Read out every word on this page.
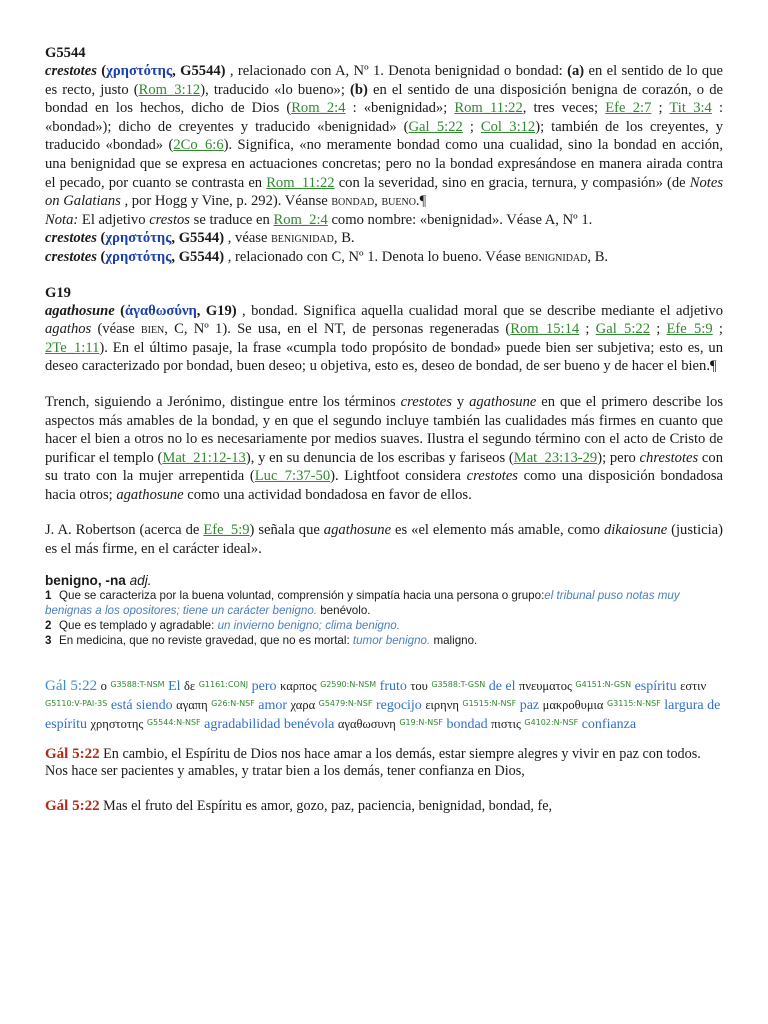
G5544

crestotes (χρηστότης, G5544) , relacionado con A, Nº 1. Denota benignidad o bondad: (a) en el sentido de lo que es recto, justo (Rom_3:12), traducido «lo bueno»; (b) en el sentido de una disposición benigna de corazón, o de bondad en los hechos, dicho de Dios (Rom_2:4 : «benignidad»; Rom_11:22, tres veces; Efe_2:7 ; Tit_3:4 : «bondad»); dicho de creyentes y traducido «benignidad» (Gal_5:22 ; Col_3:12); también de los creyentes, y traducido «bondad» (2Co_6:6). Significa, «no meramente bondad como una cualidad, sino la bondad en acción, una benignidad que se expresa en actuaciones concretas; pero no la bondad expresándose en manera airada contra el pecado, por cuanto se contrasta en Rom_11:22 con la severidad, sino en gracia, ternura, y compasión» (de Notes on Galatians , por Hogg y Vine, p. 292). Véanse bondad, bueno.¶

Nota: El adjetivo crestos se traduce en Rom_2:4 como nombre: «benignidad». Véase A, Nº 1.

crestotes (χρηστότης, G5544) , véase benignidad, B.

crestotes (χρηστότης, G5544) , relacionado con C, Nº 1. Denota lo bueno. Véase benignidad, B.

G19

agathosune (ἀγαθωσύνη, G19) , bondad. Significa aquella cualidad moral que se describe mediante el adjetivo agathos (véase bien, C, Nº 1). Se usa, en el NT, de personas regeneradas (Rom_15:14 ; Gal_5:22 ; Efe_5:9 ; 2Te_1:11). En el último pasaje, la frase «cumpla todo propósito de bondad» puede bien ser subjetiva; esto es, un deseo caracterizado por bondad, buen deseo; u objetiva, esto es, deseo de bondad, de ser bueno y de hacer el bien.¶

Trench, siguiendo a Jerónimo, distingue entre los términos crestotes y agathosune en que el primero describe los aspectos más amables de la bondad, y en que el segundo incluye también las cualidades más firmes en cuanto que hacer el bien a otros no lo es necesariamente por medios suaves. Ilustra el segundo término con el acto de Cristo de purificar el templo (Mat_21:12-13), y en su denuncia de los escribas y fariseos (Mat_23:13-29); pero chrestotes con su trato con la mujer arrepentida (Luc_7:37-50). Lightfoot considera crestotes como una disposición bondadosa hacia otros; agathosune como una actividad bondadosa en favor de ellos.

J. A. Robertson (acerca de Efe_5:9) señala que agathosune es «el elemento más amable, como dikaiosune (justicia) es el más firme, en el carácter ideal».

benigno, -na adj.
1 Que se caracteriza por la buena voluntad, comprensión y simpatía hacia una persona o grupo:el tribunal puso notas muy benignas a los opositores; tiene un carácter benigno. benévolo.
2 Que es templado y agradable: un invierno benigno; clima benigno.
3 En medicina, que no reviste gravedad, que no es mortal: tumor benigno. maligno.
Gál 5:22 ο $^{G3588:T-NSM}$ El δε $^{G1161:CONJ}$ pero καρπος $^{G2590:N-NSM}$ fruto του $^{G3588:T-GSN}$ de el πνευματος $^{G4151:N-GSN}$ espíritu εστιν $^{G5110:V-PAI-3S}$ está siendo αγαπη $^{G26:N-NSF}$ amor χαρα $^{G5479:N-NSF}$ regocijo ειρηνη $^{G1515:N-NSF}$ paz μακροθυμια $^{G3115:N-NSF}$ largura de espíritu χρηστοτης $^{G5544:N-NSF}$ agradabilidad benévola αγαθωσυνη $^{G19:N-NSF}$ bondad πιστις $^{G4102:N-NSF}$ confianza

Gál 5:22 En cambio, el Espíritu de Dios nos hace amar a los demás, estar siempre alegres y vivir en paz con todos. Nos hace ser pacientes y amables, y tratar bien a los demás, tener confianza en Dios,

Gál 5:22 Mas el fruto del Espíritu es amor, gozo, paz, paciencia, benignidad, bondad, fe,
